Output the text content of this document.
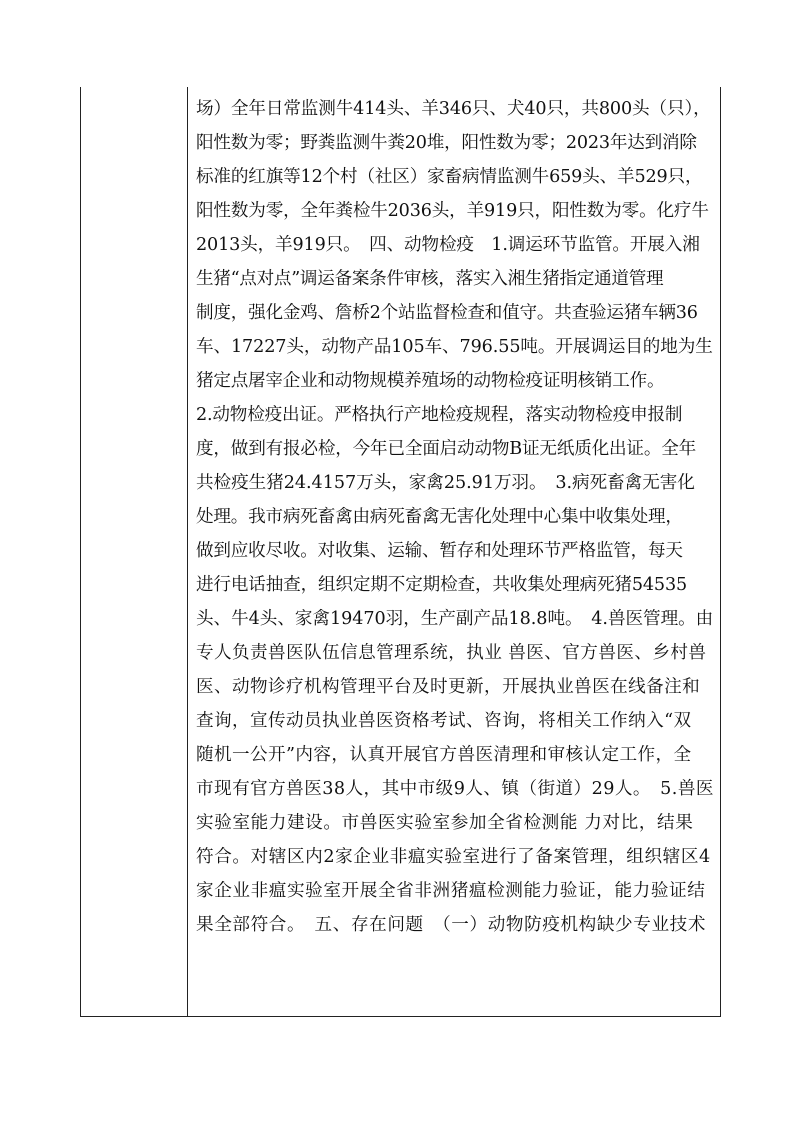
场）全年日常监测牛414头、羊346只、犬40只，共800头（只），
阳性数为零；野粪监测牛粪20堆，阳性数为零；2023年达到消除
标准的红旗等12个村（社区）家畜病情监测牛659头、羊529只，
阳性数为零，全年粪检牛2036头，羊919只，阳性数为零。化疗牛
2013头，羊919只。　四、动物检疫　1.调运环节监管。开展入湘
生猪“点对点”调运备案条件审核，落实入湘生猪指定通道管理
制度，强化金鸡、詹桥2个站监督检查和值守。共查验运猪车辆36
车、17227头，动物产品105车、796.55吨。开展调运目的地为生
猪定点屠宰企业和动物规模养殖场的动物检疫证明核销工作。
2.动物检疫出证。严格执行产地检疫规程，落实动物检疫申报制
度，做到有报必检，今年已全面启动动物B证无纸质化出证。全年
共检疫生猪24.4157万头，家禽25.91万羽。　3.病死畜禽无害化
处理。我市病死畜禽由病死畜禽无害化处理中心集中收集处理，
做到应收尽收。对收集、运输、暂存和处理环节严格监管，每天
进行电话抽查，组织定期不定期检查，共收集处理病死猪54535
头、牛4头、家禽19470羽，生产副产品18.8吨。　4.兽医管理。由
专人负责兽医队伍信息管理系统，执业 兽医、官方兽医、乡村兽
医、动物诊疗机构管理平台及时更新，开展执业兽医在线备注和
查询，宣传动员执业兽医资格考试、咨询，将相关工作纳入“双
随机一公开”内容，认真开展官方兽医清理和审核认定工作，全
市现有官方兽医38人，其中市级9人、镇（街道）29人。　5.兽医
实验室能力建设。市兽医实验室参加全省检测能 力对比，结果
符合。对辖区内2家企业非瘟实验室进行了备案管理，组织辖区4
家企业非瘟实验室开展全省非洲猪瘟检测能力验证，能力验证结
果全部符合。　五、存在问题　（一）动物防疫机构缺少专业技术
